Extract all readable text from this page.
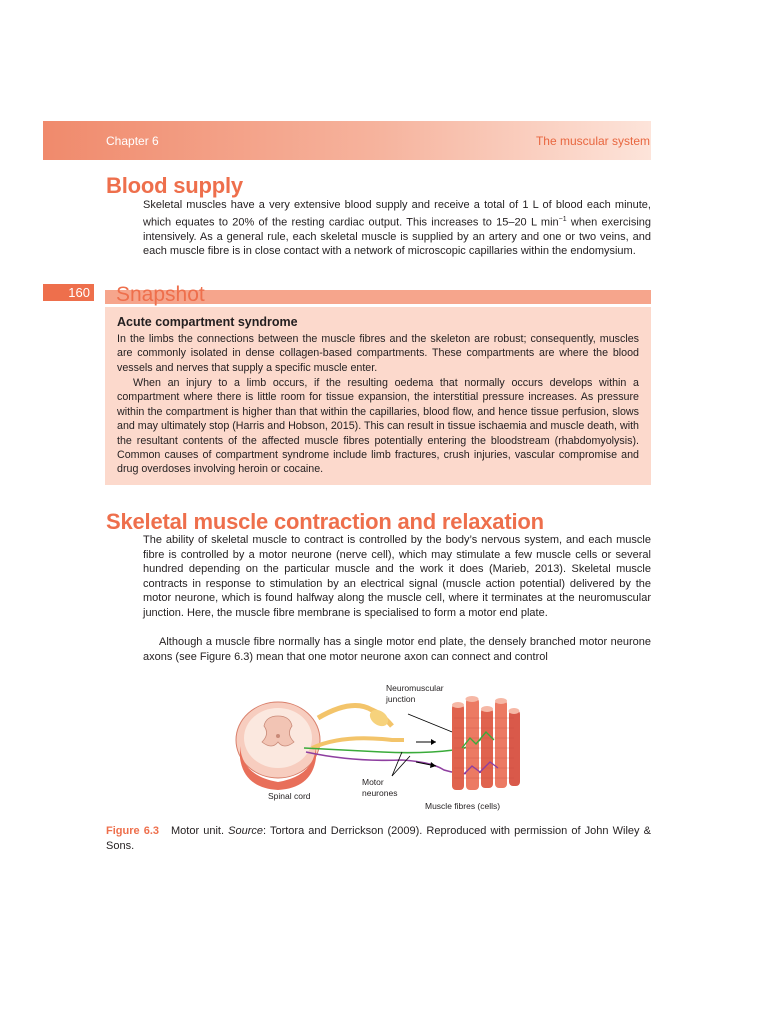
Chapter 6	The muscular system
160
Blood supply

Skeletal muscles have a very extensive blood supply and receive a total of 1 L of blood each minute, which equates to 20% of the resting cardiac output. This increases to 15–20 L $\min^{-1}$ when exercising intensively. As a general rule, each skeletal muscle is supplied by an artery and one or two veins, and each muscle fibre is in close contact with a network of microscopic capillaries within the endomysium.

Snapshot
Acute compartment syndrome

In the limbs the connections between the muscle fibres and the skeleton are robust; consequently, muscles are commonly isolated in dense collagen-based compartments. These compartments are where the blood vessels and nerves that supply a specific muscle enter.

When an injury to a limb occurs, if the resulting oedema that normally occurs develops within a compartment where there is little room for tissue expansion, the interstitial pressure increases. As pressure within the compartment is higher than that within the capillaries, blood flow, and hence tissue perfusion, slows and may ultimately stop (Harris and Hobson, 2015). This can result in tissue ischaemia and muscle death, with the resultant contents of the affected muscle fibres potentially entering the bloodstream (rhabdomyolysis). Common causes of compartment syndrome include limb fractures, crush injuries, vascular compromise and drug overdoses involving heroin or cocaine.

Skeletal muscle contraction and relaxation

The ability of skeletal muscle to contract is controlled by the body’s nervous system, and each muscle fibre is controlled by a motor neurone (nerve cell), which may stimulate a few muscle cells or several hundred depending on the particular muscle and the work it does (Marieb, 2013). Skeletal muscle contracts in response to stimulation by an electrical signal (muscle action potential) delivered by the motor neurone, which is found halfway along the muscle cell, where it terminates at the neuromuscular junction. Here, the muscle fibre membrane is specialised to form a motor end plate.

Although a muscle fibre normally has a single motor end plate, the densely branched motor neurone axons (see Figure 6.3) mean that one motor neurone axon can connect and control

Neuromuscular
junction
Motor
neurones
Spinal cord
Muscle fibres (cells)

Figure 6.3 Motor unit. Source: Tortora and Derrickson (2009). Reproduced with permission of John Wiley & Sons.
